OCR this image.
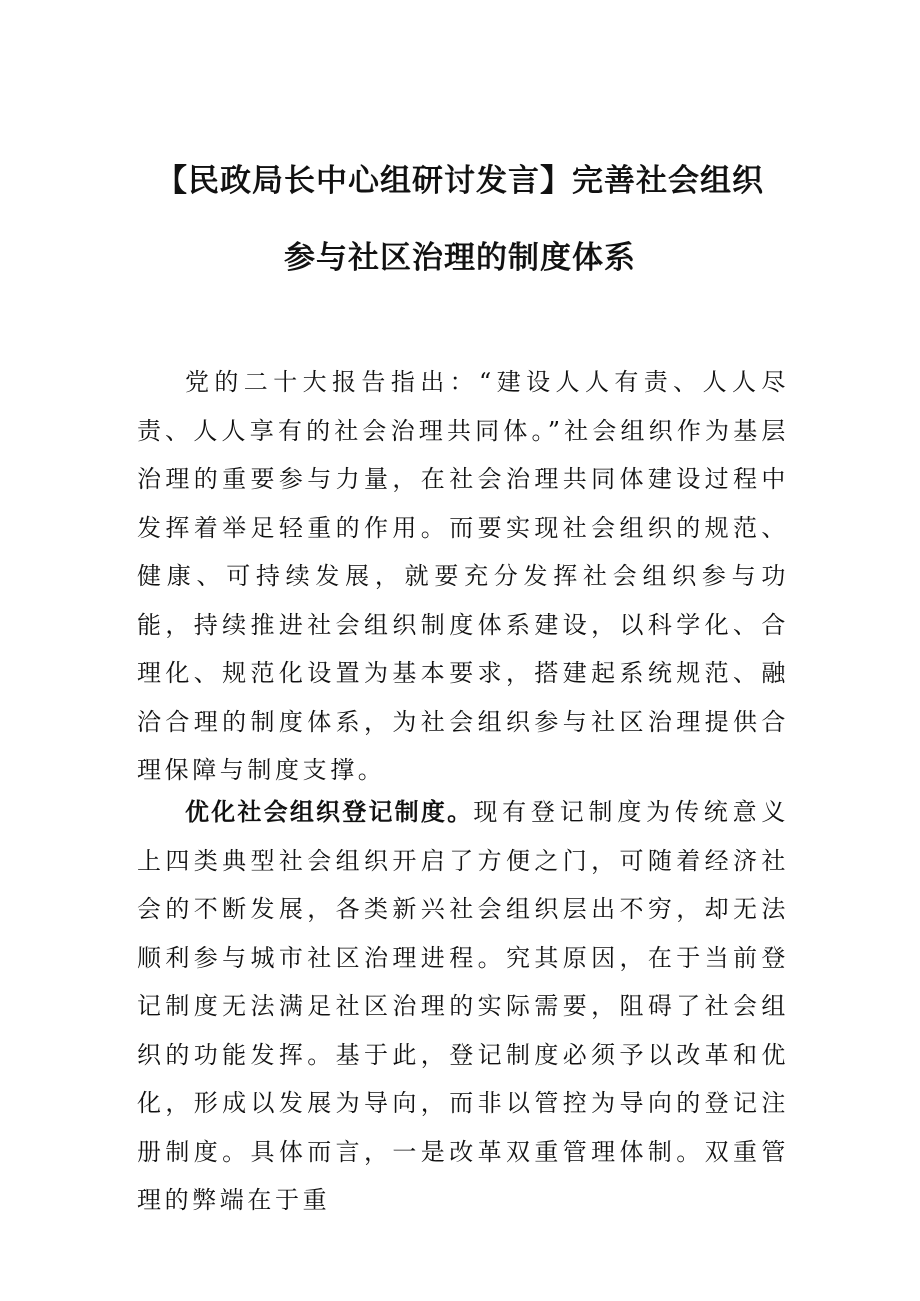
【民政局长中心组研讨发言】完善社会组织
参与社区治理的制度体系

党的二十大报告指出：“建设人人有责、人人尽责、人人享有的社会治理共同体。”社会组织作为基层治理的重要参与力量，在社会治理共同体建设过程中发挥着举足轻重的作用。而要实现社会组织的规范、健康、可持续发展，就要充分发挥社会组织参与功能，持续推进社会组织制度体系建设，以科学化、合理化、规范化设置为基本要求，搭建起系统规范、融洽合理的制度体系，为社会组织参与社区治理提供合理保障与制度支撑。

优化社会组织登记制度。现有登记制度为传统意义上四类典型社会组织开启了方便之门，可随着经济社会的不断发展，各类新兴社会组织层出不穷，却无法顺利参与城市社区治理进程。究其原因，在于当前登记制度无法满足社区治理的实际需要，阻碍了社会组织的功能发挥。基于此，登记制度必须予以改革和优化，形成以发展为导向，而非以管控为导向的登记注册制度。具体而言，一是改革双重管理体制。双重管理的弊端在于重
